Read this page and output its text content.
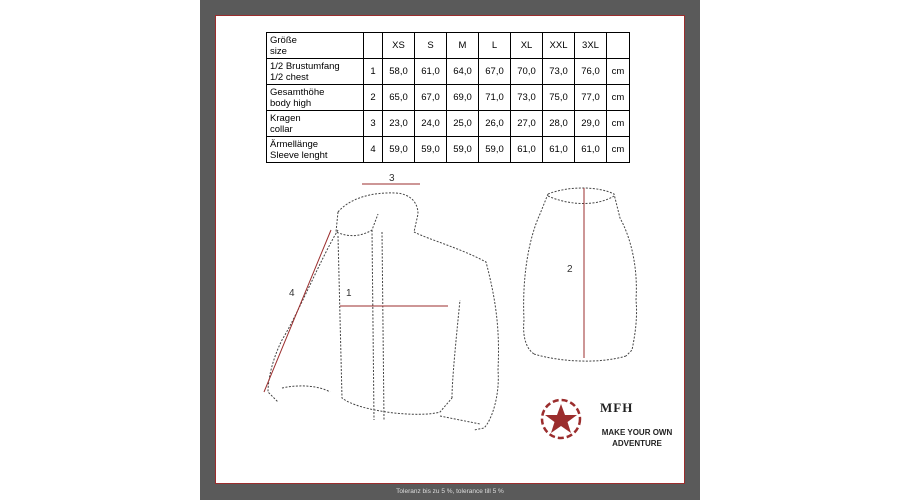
Größe
size		XS	S	M	L	XL	XXL	3XL	
1/2 Brustumfang
1/2 chest	1	58,0	61,0	64,0	67,0	70,0	73,0	76,0	cm
Gesamthöhe
body high	2	65,0	67,0	69,0	71,0	73,0	75,0	77,0	cm
Kragen
collar	3	23,0	24,0	25,0	26,0	27,0	28,0	29,0	cm
Ärmellänge
Sleeve lenght	4	59,0	59,0	59,0	59,0	61,0	61,0	61,0	cm
3
1
4
2
MFH
MAKE YOUR OWN
ADVENTURE
Toleranz bis zu 5 %, tolerance till 5 %
